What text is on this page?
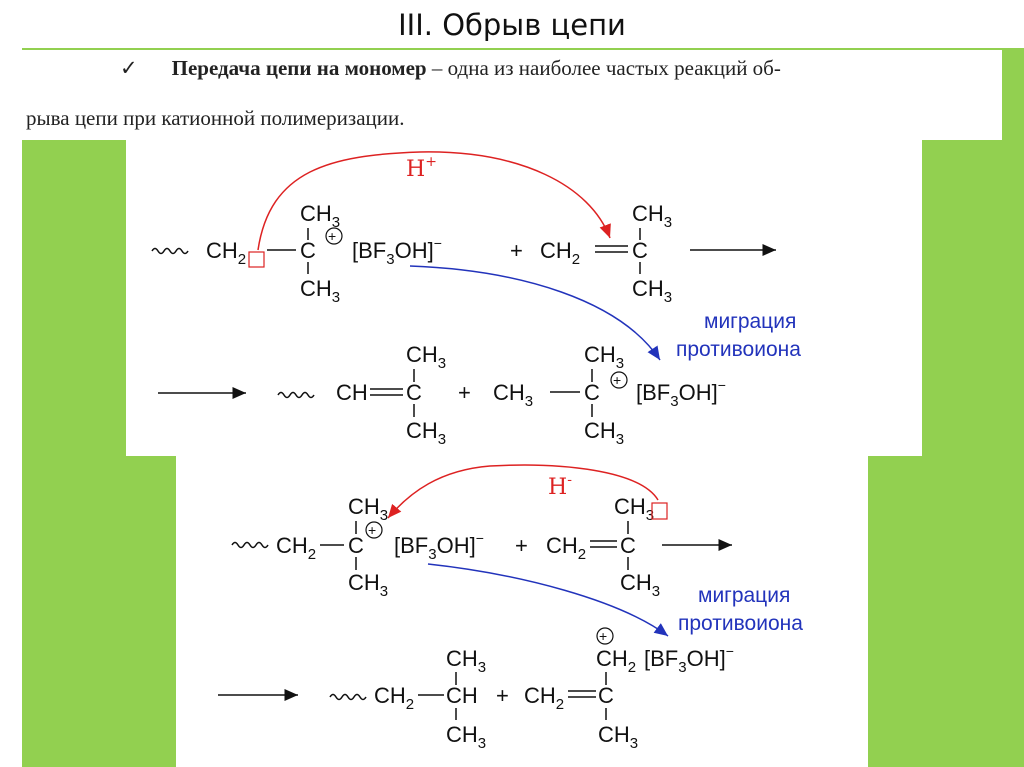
III. Обрыв цепи
✓ Передача цепи на мономер – одна из наиболее частых реакций об-
рыва цепи при катионной полимеризации.
$CH_2$ C
+
$CH_3$
$CH_3$
$[BF_3OH]^-$	+ $CH_2$ C
$CH_3$
$CH_3$
CH C
$CH_3$
$CH_3$
+ $CH_3$ C +
$CH_3$
$CH_3$
$[BF_3OH]^-$
H+
миграция
противоиона
$CH_2$ C
+
$CH_3$
$CH_3$
$[BF_3OH]^- + CH_2$ C
$CH_3$
$CH_3$
$CH_2$ CH
$CH_3$
$CH_3$
+ $CH_2$ C
$CH_2$
+
$[BF_3OH]^-$
$CH_3$
H-
миграция
противоиона
